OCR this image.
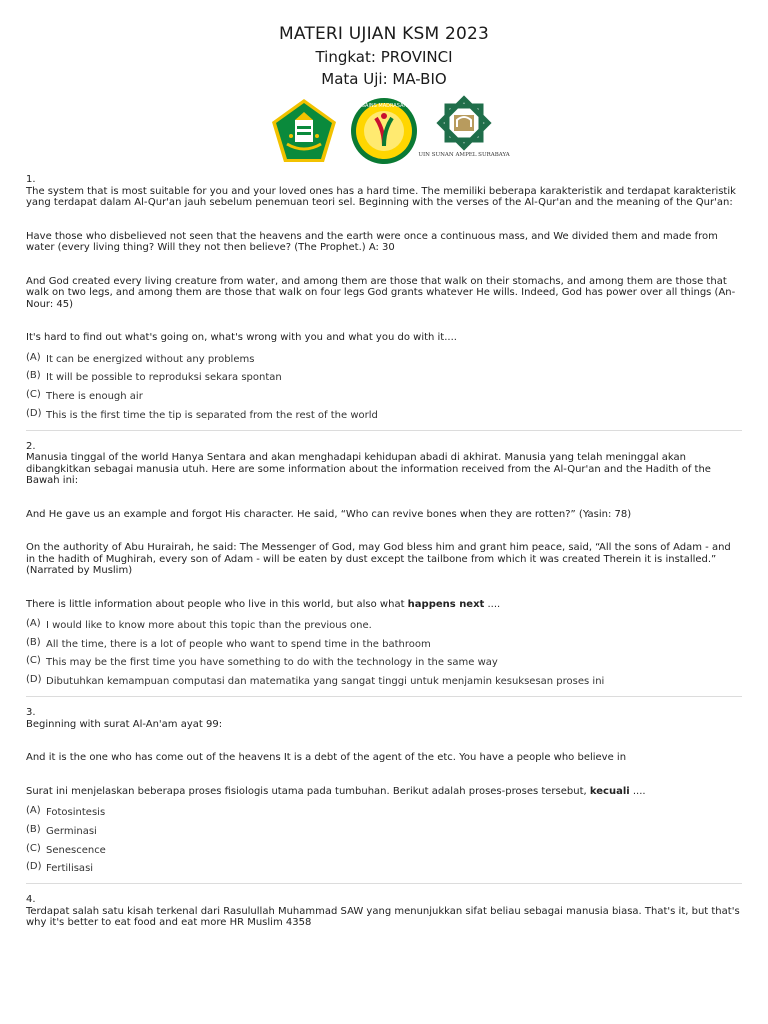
MATERI UJIAN KSM 2023
Tingkat: PROVINCI
Mata Uji: MA-BIO
KOMPETISI SAINS MADRASAH NASIONAL
UIN SUNAN AMPEL SURABAYA
1.

The system that is most suitable for you and your loved ones has a hard time. The memiliki beberapa karakteristik and terdapat karakteristik yang terdapat dalam Al-Qur'an jauh sebelum penemuan teori sel. Beginning with the verses of the Al-Qur'an and the meaning of the Qur'an:

Have those who disbelieved not seen that the heavens and the earth were once a continuous mass, and We divided them and made from water (every living thing? Will they not then believe? (The Prophet.) A: 30

And God created every living creature from water, and among them are those that walk on their stomachs, and among them are those that walk on two legs, and among them are those that walk on four legs God grants whatever He wills. Indeed, God has power over all things (An-Nour: 45)

It's hard to find out what's going on, what's wrong with you and what you do with it....

(A) It can be energized without any problems
(B) It will be possible to reproduksi sekara spontan
(C) There is enough air
(D) This is the first time the tip is separated from the rest of the world
2.

Manusia tinggal of the world Hanya Sentara and akan menghadapi kehidupan abadi di akhirat. Manusia yang telah meninggal akan dibangkitkan sebagai manusia utuh. Here are some information about the information received from the Al-Qur'an and the Hadith of the Bawah ini:

And He gave us an example and forgot His character. He said, “Who can revive bones when they are rotten?” (Yasin: 78)

On the authority of Abu Hurairah, he said: The Messenger of God, may God bless him and grant him peace, said, “All the sons of Adam - and in the hadith of Mughirah, every son of Adam - will be eaten by dust except the tailbone from which it was created Therein it is installed.” (Narrated by Muslim)

There is little information about people who live in this world, but also what happens next ....

(A) I would like to know more about this topic than the previous one.
(B) All the time, there is a lot of people who want to spend time in the bathroom
(C) This may be the first time you have something to do with the technology in the same way
(D) Dibutuhkan kemampuan computasi dan matematika yang sangat tinggi untuk menjamin kesuksesan proses ini
3.

Beginning with surat Al-An'am ayat 99:

And it is the one who has come out of the heavens It is a debt of the agent of the etc. You have a people who believe in

Surat ini menjelaskan beberapa proses fisiologis utama pada tumbuhan. Berikut adalah proses-proses tersebut, kecuali ....

(A) Fotosintesis
(B) Germinasi
(C) Senescence
(D) Fertilisasi
4.

Terdapat salah satu kisah terkenal dari Rasulullah Muhammad SAW yang menunjukkan sifat beliau sebagai manusia biasa. That's it, but that's why it's better to eat food and eat more HR Muslim 4358
